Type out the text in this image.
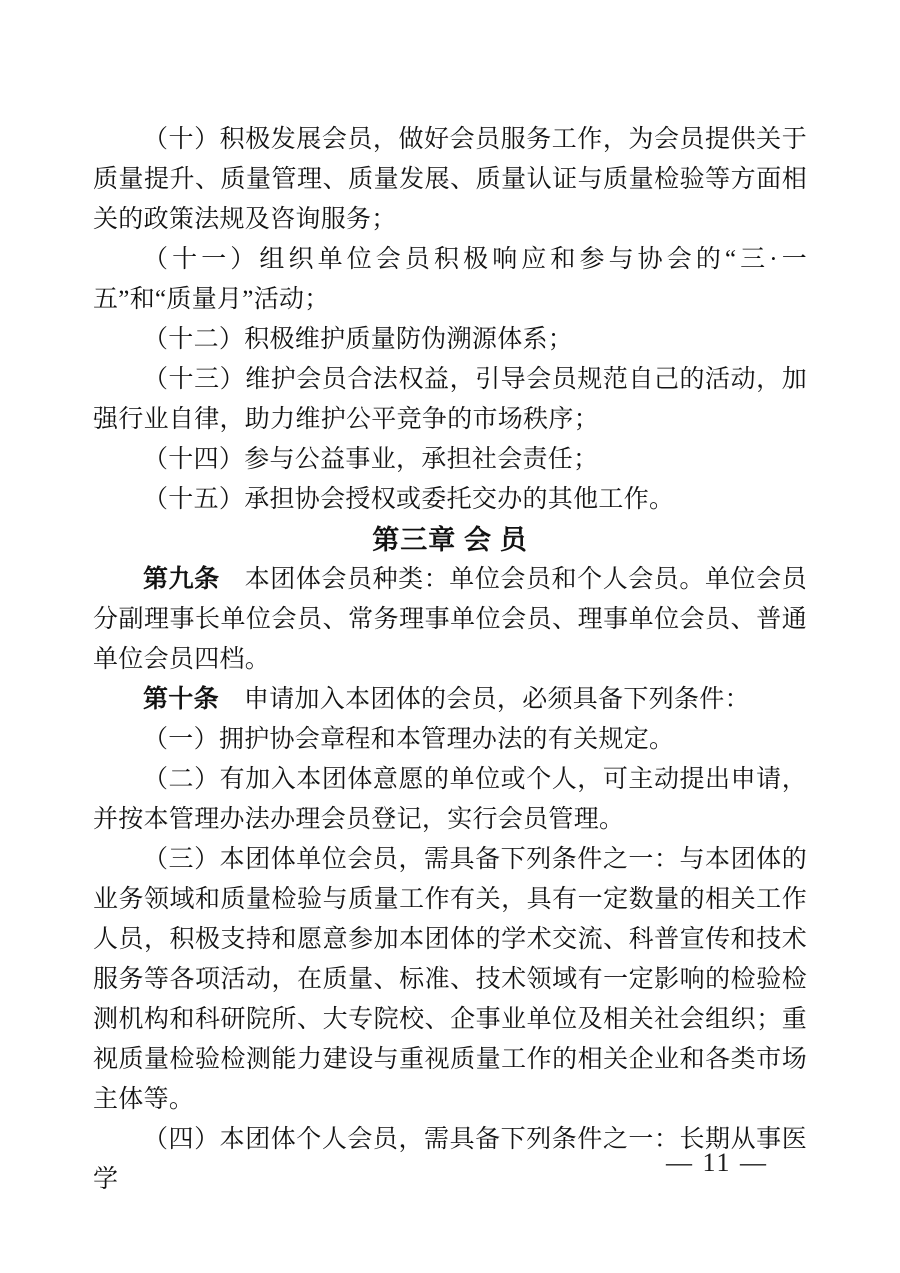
（十）积极发展会员，做好会员服务工作，为会员提供关于质量提升、质量管理、质量发展、质量认证与质量检验等方面相关的政策法规及咨询服务；

（十一）组织单位会员积极响应和参与协会的“三·一五”和“质量月”活动；

（十二）积极维护质量防伪溯源体系；

（十三）维护会员合法权益，引导会员规范自己的活动，加强行业自律，助力维护公平竞争的市场秩序；

（十四）参与公益事业，承担社会责任；

（十五）承担协会授权或委托交办的其他工作。

第三章 会 员

第九条 本团体会员种类：单位会员和个人会员。单位会员分副理事长单位会员、常务理事单位会员、理事单位会员、普通单位会员四档。

第十条 申请加入本团体的会员，必须具备下列条件：

（一）拥护协会章程和本管理办法的有关规定。

（二）有加入本团体意愿的单位或个人，可主动提出申请，并按本管理办法办理会员登记，实行会员管理。

（三）本团体单位会员，需具备下列条件之一：与本团体的业务领域和质量检验与质量工作有关，具有一定数量的相关工作人员，积极支持和愿意参加本团体的学术交流、科普宣传和技术服务等各项活动，在质量、标准、技术领域有一定影响的检验检测机构和科研院所、大专院校、企事业单位及相关社会组织；重视质量检验检测能力建设与重视质量工作的相关企业和各类市场主体等。

（四）本团体个人会员，需具备下列条件之一：长期从事医学

— 11 —
